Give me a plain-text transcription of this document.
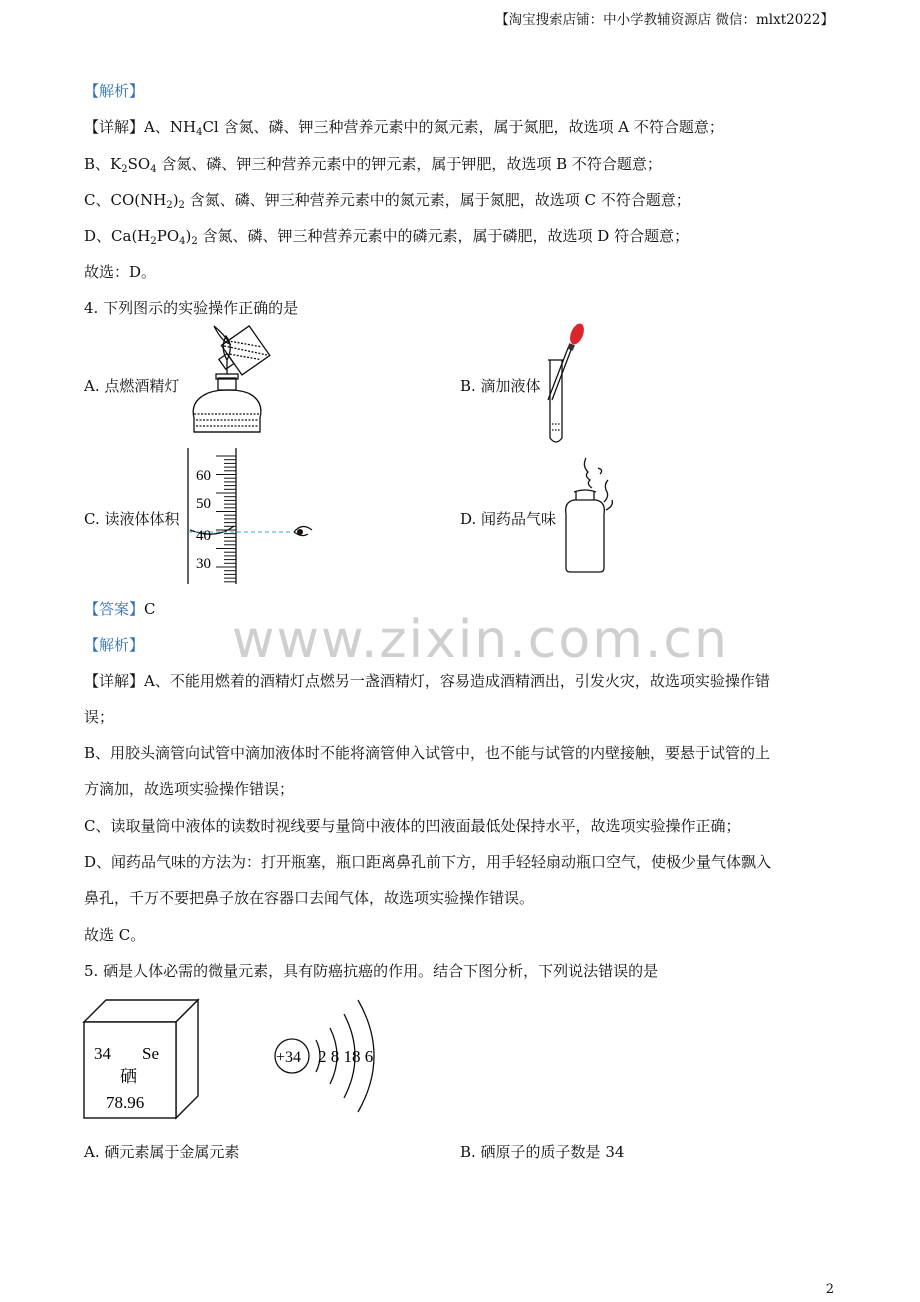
【淘宝搜索店铺：中小学教辅资源店 微信：mlxt2022】
【解析】
【详解】A、$NH_4Cl$ 含氮、磷、钾三种营养元素中的氮元素，属于氮肥，故选项 A 不符合题意；
B、$K_2SO_4$ 含氮、磷、钾三种营养元素中的钾元素，属于钾肥，故选项 B 不符合题意；
C、$CO(NH_2)_2$ 含氮、磷、钾三种营养元素中的氮元素，属于氮肥，故选项 C 不符合题意；
D、$Ca(H_2PO_4)_2$ 含氮、磷、钾三种营养元素中的磷元素，属于磷肥，故选项 D 符合题意；
故选：D。
4. 下列图示的实验操作正确的是
A. 点燃酒精灯	B. 滴加液体
C. 读液体体积	D. 闻药品气味
60
50
40
30
【答案】C
【解析】
【详解】A、不能用燃着的酒精灯点燃另一盏酒精灯，容易造成酒精洒出，引发火灾，故选项实验操作错
误；
B、用胶头滴管向试管中滴加液体时不能将滴管伸入试管中，也不能与试管的内壁接触，要悬于试管的上
方滴加，故选项实验操作错误；
C、读取量筒中液体的读数时视线要与量筒中液体的凹液面最低处保持水平，故选项实验操作正确；
D、闻药品气味的方法为：打开瓶塞，瓶口距离鼻孔前下方，用手轻轻扇动瓶口空气，使极少量气体飘入
鼻孔，千万不要把鼻子放在容器口去闻气体，故选项实验操作错误。
故选 C。
www.zixin.com.cn
5. 硒是人体必需的微量元素，具有防癌抗癌的作用。结合下图分析，下列说法错误的是
34 Se
硒
78.96
+34 2 8 18 6
A. 硒元素属于金属元素	B. 硒原子的质子数是 34
2
